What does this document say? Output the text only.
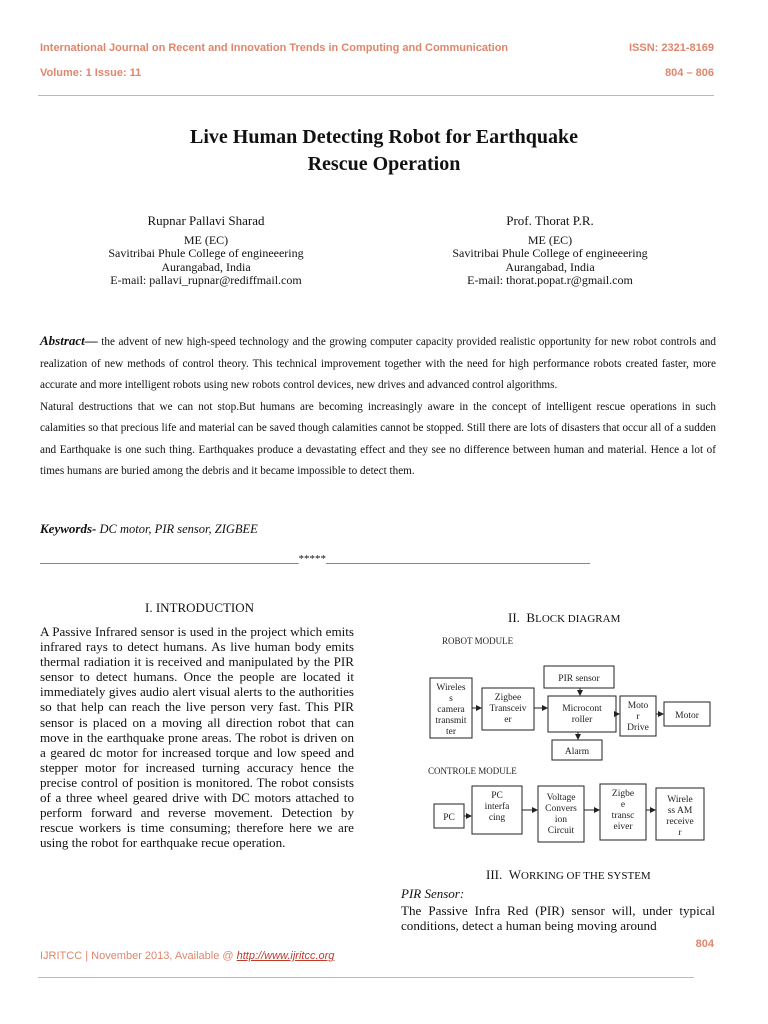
International Journal on Recent and Innovation Trends in Computing and Communication	ISSN: 2321-8169
Volume: 1 Issue: 11	804 – 806
Live Human Detecting Robot for Earthquake
Rescue Operation
Rupnar Pallavi Sharad
ME (EC)
Savitribai Phule College of engineeering
Aurangabad, India
E-mail: pallavi_rupnar@rediffmail.com
Prof. Thorat P.R.
ME (EC)
Savitribai Phule College of engineeering
Aurangabad, India
E-mail: thorat.popat.r@gmail.com

Abstract— the advent of new high-speed technology and the growing computer capacity provided realistic opportunity for new robot controls and realization of new methods of control theory. This technical improvement together with the need for high performance robots created faster, more accurate and more intelligent robots using new robots control devices, new drives and advanced control algorithms.

Natural destructions that we can not stop.But humans are becoming increasingly aware in the concept of intelligent rescue operations in such calamities so that precious life and material can be saved though calamities cannot be stopped. Still there are lots of disasters that occur all of a sudden and Earthquake is one such thing. Earthquakes produce a devastating effect and they see no difference between human and material. Hence a lot of times humans are buried among the debris and it became impossible to detect them.

Keywords- DC motor, PIR sensor, ZIGBEE
_______________________________________________*****________________________________________________
I. INTRODUCTION

A Passive Infrared sensor is used in the project which emits infrared rays to detect humans. As live human body emits thermal radiation it is received and manipulated by the PIR sensor to detect humans. Once the people are located it immediately gives audio alert visual alerts to the authorities so that help can reach the live person very fast. This PIR sensor is placed on a moving all direction robot that can move in the earthquake prone areas. The robot is driven on a geared dc motor for increased torque and low speed and stepper motor for increased turning accuracy hence the precise control of position is monitored. The robot consists of a three wheel geared drive with DC motors attached to perform forward and reverse movement. Detection by rescue workers is time consuming; therefore here we are using the robot for earthquake recue operation.

II. BLOCK DIAGRAM
ROBOT MODULE
CONTROLE MODULE
PIR sensor
Motor
Alarm
PC
Wireles
s
camera
transmit
ter
Zigbee
Transceiv
er
Microcont
roller
Moto
r
Drive
PC
interfa
cing
Voltage
Convers
ion
Circuit
Zigbe
e
transc
eiver
Wirele
ss AM
receive
r
III. WORKING OF THE SYSTEM
PIR Sensor:

The Passive Infra Red (PIR) sensor will, under typical conditions, detect a human being moving around

804
IJRITCC | November 2013, Available @ http://www.ijritcc.org
